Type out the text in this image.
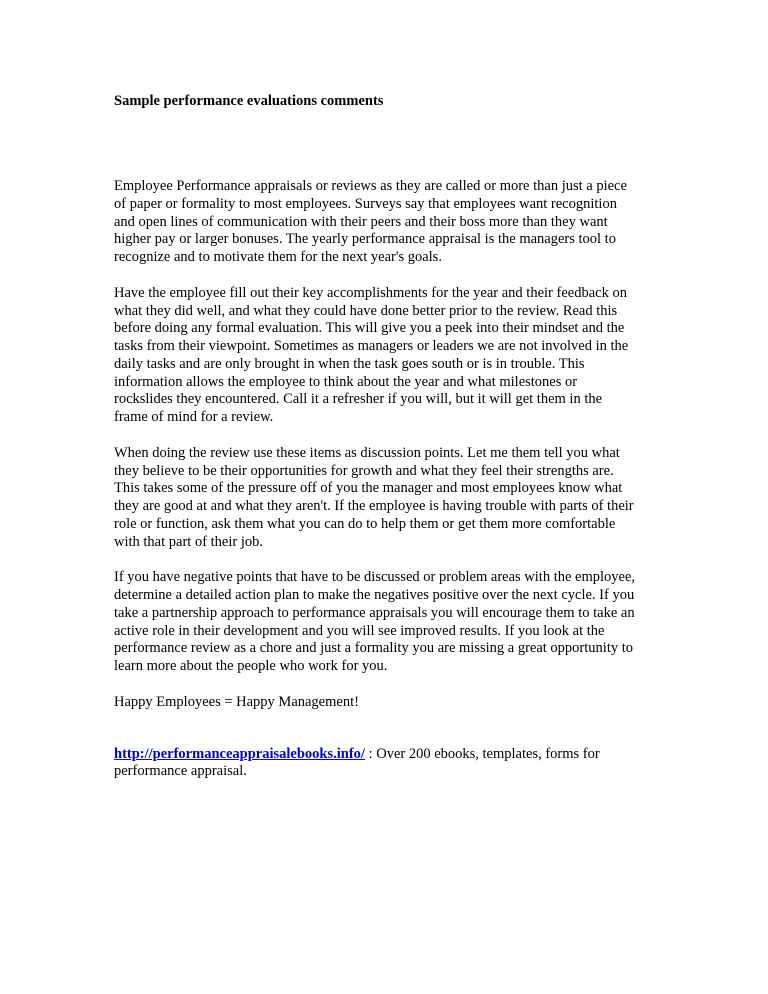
Sample performance evaluations comments

Employee Performance appraisals or reviews as they are called or more than just a piece
of paper or formality to most employees. Surveys say that employees want recognition
and open lines of communication with their peers and their boss more than they want
higher pay or larger bonuses. The yearly performance appraisal is the managers tool to
recognize and to motivate them for the next year's goals.

Have the employee fill out their key accomplishments for the year and their feedback on
what they did well, and what they could have done better prior to the review. Read this
before doing any formal evaluation. This will give you a peek into their mindset and the
tasks from their viewpoint. Sometimes as managers or leaders we are not involved in the
daily tasks and are only brought in when the task goes south or is in trouble. This
information allows the employee to think about the year and what milestones or
rockslides they encountered. Call it a refresher if you will, but it will get them in the
frame of mind for a review.

When doing the review use these items as discussion points. Let me them tell you what
they believe to be their opportunities for growth and what they feel their strengths are.
This takes some of the pressure off of you the manager and most employees know what
they are good at and what they aren't. If the employee is having trouble with parts of their
role or function, ask them what you can do to help them or get them more comfortable
with that part of their job.

If you have negative points that have to be discussed or problem areas with the employee,
determine a detailed action plan to make the negatives positive over the next cycle. If you
take a partnership approach to performance appraisals you will encourage them to take an
active role in their development and you will see improved results. If you look at the
performance review as a chore and just a formality you are missing a great opportunity to
learn more about the people who work for you.

Happy Employees = Happy Management!

http://performanceappraisalebooks.info/ : Over 200 ebooks, templates, forms for
performance appraisal.
